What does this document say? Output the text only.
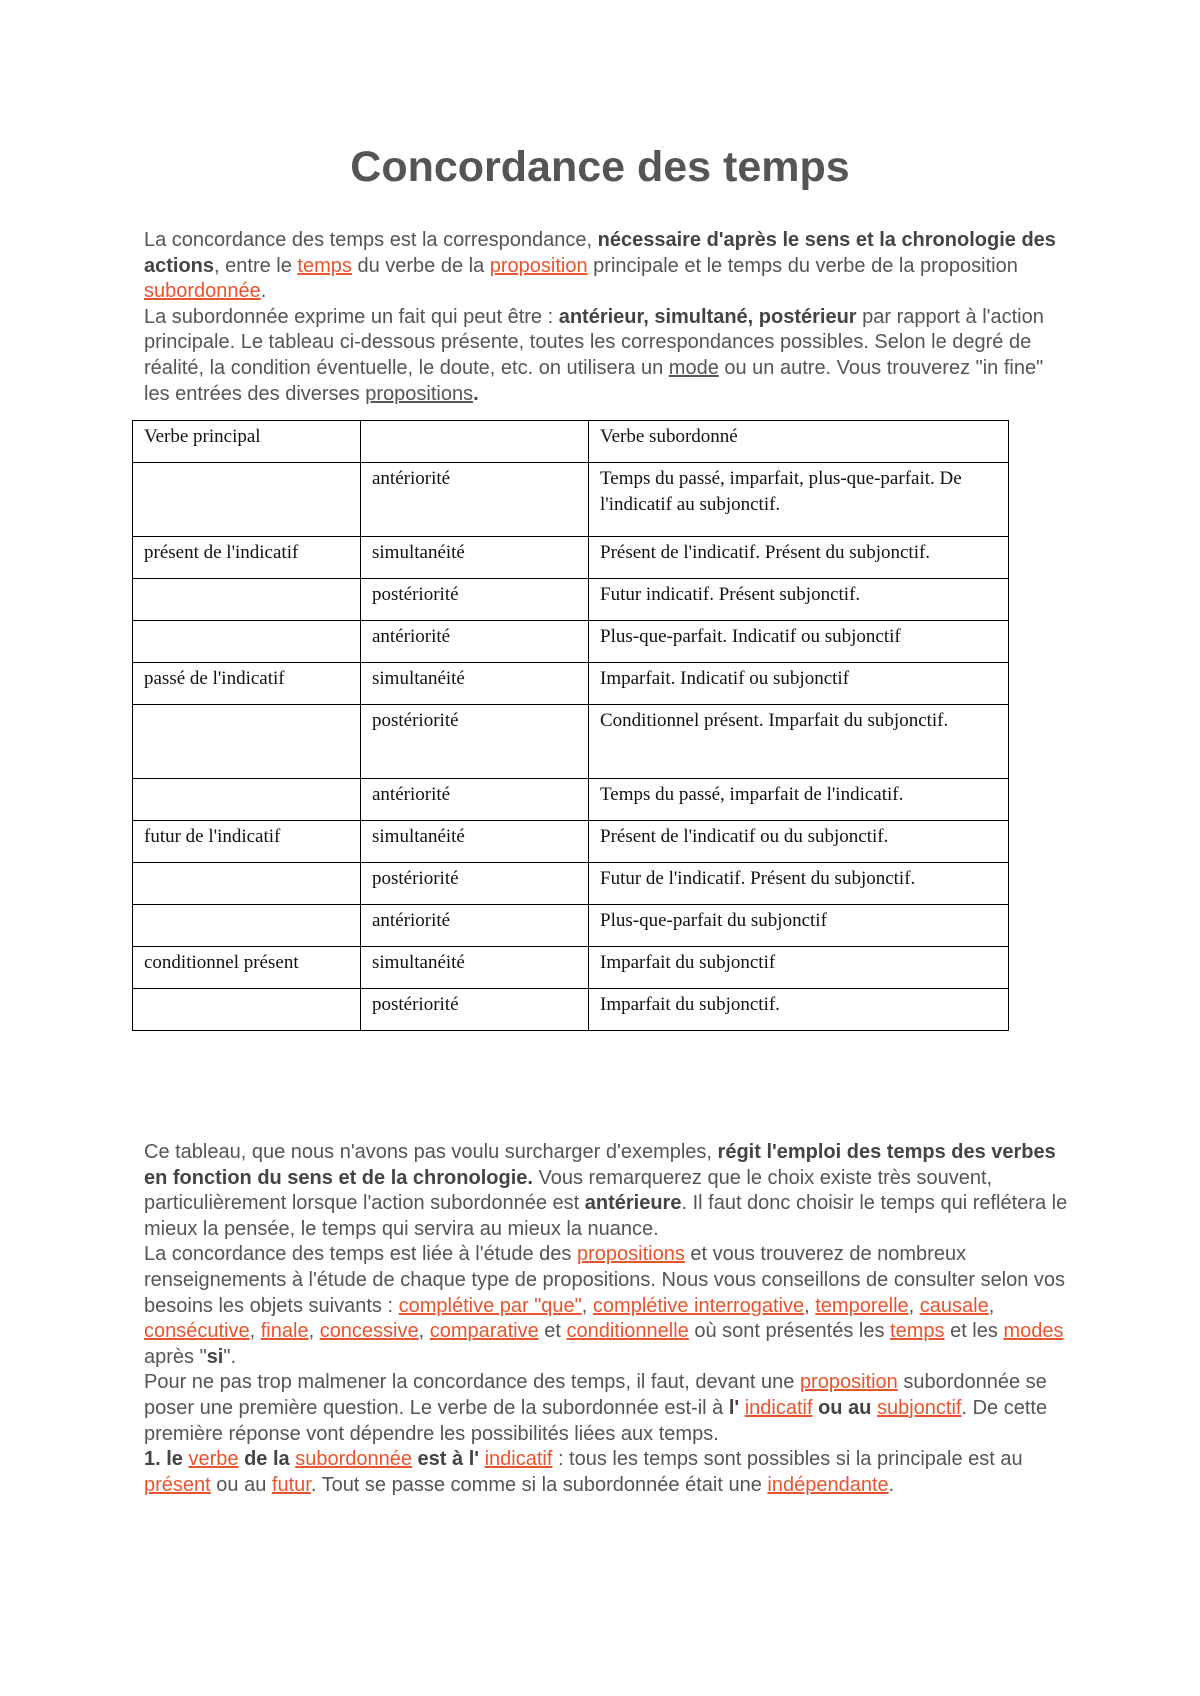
Concordance des temps

La concordance des temps est la correspondance, nécessaire d'après le sens et la chronologie des actions, entre le temps du verbe de la proposition principale et le temps du verbe de la proposition subordonnée.

La subordonnée exprime un fait qui peut être : antérieur, simultané, postérieur par rapport à l'action principale. Le tableau ci-dessous présente, toutes les correspondances possibles. Selon le degré de réalité, la condition éventuelle, le doute, etc. on utilisera un mode ou un autre. Vous trouverez "in fine" les entrées des diverses propositions.

Verbe principal		Verbe subordonné
	antériorité	Temps du passé, imparfait, plus-que-parfait. De l'indicatif au subjonctif.
présent de l'indicatif	simultanéité	Présent de l'indicatif. Présent du subjonctif.
	postériorité	Futur indicatif. Présent subjonctif.
	antériorité	Plus-que-parfait. Indicatif ou subjonctif
passé de l'indicatif	simultanéité	Imparfait. Indicatif ou subjonctif
	postériorité	Conditionnel présent. Imparfait du subjonctif.
	antériorité	Temps du passé, imparfait de l'indicatif.
futur de l'indicatif	simultanéité	Présent de l'indicatif ou du subjonctif.
	postériorité	Futur de l'indicatif. Présent du subjonctif.
	antériorité	Plus-que-parfait du subjonctif
conditionnel présent	simultanéité	Imparfait du subjonctif
	postériorité	Imparfait du subjonctif.

Ce tableau, que nous n'avons pas voulu surcharger d'exemples, régit l'emploi des temps des verbes en fonction du sens et de la chronologie. Vous remarquerez que le choix existe très souvent, particulièrement lorsque l'action subordonnée est antérieure. Il faut donc choisir le temps qui reflétera le mieux la pensée, le temps qui servira au mieux la nuance.

La concordance des temps est liée à l'étude des propositions et vous trouverez de nombreux renseignements à l'étude de chaque type de propositions. Nous vous conseillons de consulter selon vos besoins les objets suivants : complétive par "que", complétive interrogative, temporelle, causale, consécutive, finale, concessive, comparative et conditionnelle où sont présentés les temps et les modes après "si".

Pour ne pas trop malmener la concordance des temps, il faut, devant une proposition subordonnée se poser une première question. Le verbe de la subordonnée est-il à l' indicatif ou au subjonctif. De cette première réponse vont dépendre les possibilités liées aux temps.

1. le verbe de la subordonnée est à l' indicatif : tous les temps sont possibles si la principale est au présent ou au futur. Tout se passe comme si la subordonnée était une indépendante.
